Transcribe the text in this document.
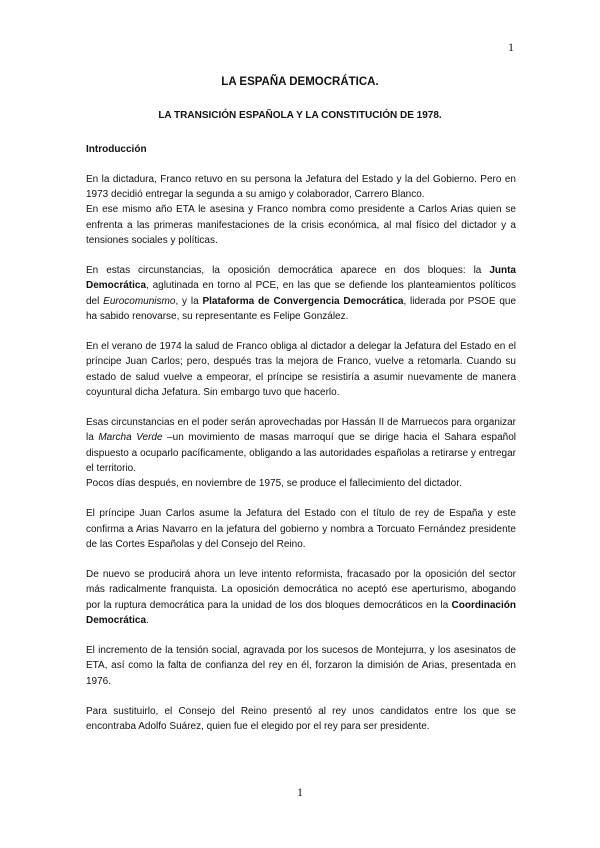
1
LA ESPAÑA DEMOCRÁTICA.
LA TRANSICIÓN ESPAÑOLA Y LA CONSTITUCIÓN DE 1978.
Introducción

En la dictadura, Franco retuvo en su persona la Jefatura del Estado y la del Gobierno. Pero en 1973 decidió entregar la segunda a su amigo y colaborador, Carrero Blanco.

En ese mismo año ETA le asesina y Franco nombra como presidente a Carlos Arias quien se enfrenta a las primeras manifestaciones de la crisis económica, al mal físico del dictador y a tensiones sociales y políticas.

En estas circunstancias, la oposición democrática aparece en dos bloques: la Junta Democrática, aglutinada en torno al PCE, en las que se defiende los planteamientos políticos del Eurocomunismo, y la Plataforma de Convergencia Democrática, liderada por PSOE que ha sabido renovarse, su representante es Felipe González.

En el verano de 1974 la salud de Franco obliga al dictador a delegar la Jefatura del Estado en el príncipe Juan Carlos; pero, después tras la mejora de Franco, vuelve a retomarla. Cuando su estado de salud vuelve a empeorar, el príncipe se resistiría a asumir nuevamente de manera coyuntural dicha Jefatura. Sin embargo tuvo que hacerlo.

Esas circunstancias en el poder serán aprovechadas por Hassán II de Marruecos para organizar la Marcha Verde –un movimiento de masas marroquí que se dirige hacia el Sahara español dispuesto a ocuparlo pacíficamente, obligando a las autoridades españolas a retirarse y entregar el territorio.

Pocos días después, en noviembre de 1975, se produce el fallecimiento del dictador.

El príncipe Juan Carlos asume la Jefatura del Estado con el título de rey de España y este confirma a Arias Navarro en la jefatura del gobierno y nombra a Torcuato Fernández presidente de las Cortes Españolas y del Consejo del Reino.

De nuevo se producirá ahora un leve intento reformista, fracasado por la oposición del sector más radicalmente franquista. La oposición democrática no aceptó ese aperturismo, abogando por la ruptura democrática para la unidad de los dos bloques democráticos en la Coordinación Democrática.

El incremento de la tensión social, agravada por los sucesos de Montejurra, y los asesinatos de ETA, así como la falta de confianza del rey en él, forzaron la dimisión de Arias, presentada en 1976.

Para sustituirlo, el Consejo del Reino presentó al rey unos candidatos entre los que se encontraba Adolfo Suárez, quien fue el elegido por el rey para ser presidente.

1
